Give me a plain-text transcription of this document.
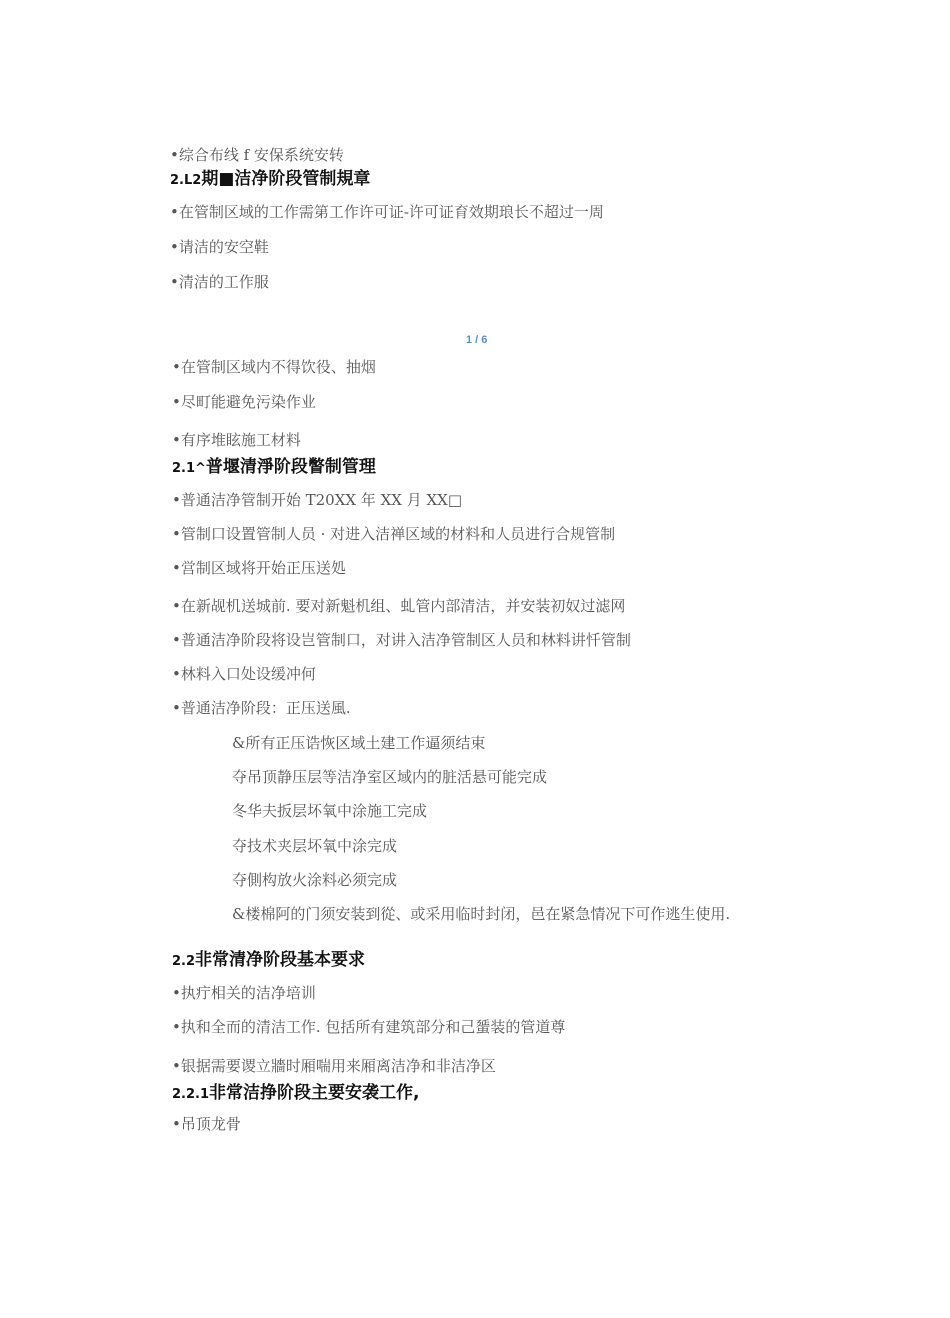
•综合布线 f 安保系统安转
2.L2期■洁净阶段管制規章
•在管制区域的工作需第工作许可证-许可证育效期琅长不超过一周
•请洁的安空鞋
•清洁的工作服
1 / 6
•在管制区域内不得饮役、抽烟
•尽町能避免污染作业
•有序堆眩施工材料
2.1^普堰清淨阶段瞥制管理
•普通洁净管制开始 T20XX 年 XX 月 XX□
•管制口设置管制人员 · 对进入洁禅区域的材料和人员进行合规管制
•営制区域将开始正压送処
•在新觇机送城前. 要对新魁机组、虬管内部清洁，并安装初奴过滤网
•普通洁净阶段将设岂管制口，对讲入洁净管制区人员和林料讲忏管制
•林料入口处设缓冲何
•普通洁净阶段：正压送風.
&所有正压诰恢区域土建工作逼须结束
夺吊顶静压层等洁净室区域内的脏活悬可能完成
冬华夫扳层坏氧中涂施工完成
夺技术夹层坏氧中涂完成
夺側构放火涂料必须完成
&楼棉阿的门须安装到從、或采用临时封闭，邑在紧急情况下可作逃生使用.
2.2非常清净阶段基本要求
•执疔相关的洁净培训
•执和全而的清洁工作. 包括所有建筑部分和己蜑装的管道尊
•银据需要谡立牆时厢喘用来厢离洁净和非洁净区
2.2.1非常洁挣阶段主要安袭工作,
•吊顶龙骨
